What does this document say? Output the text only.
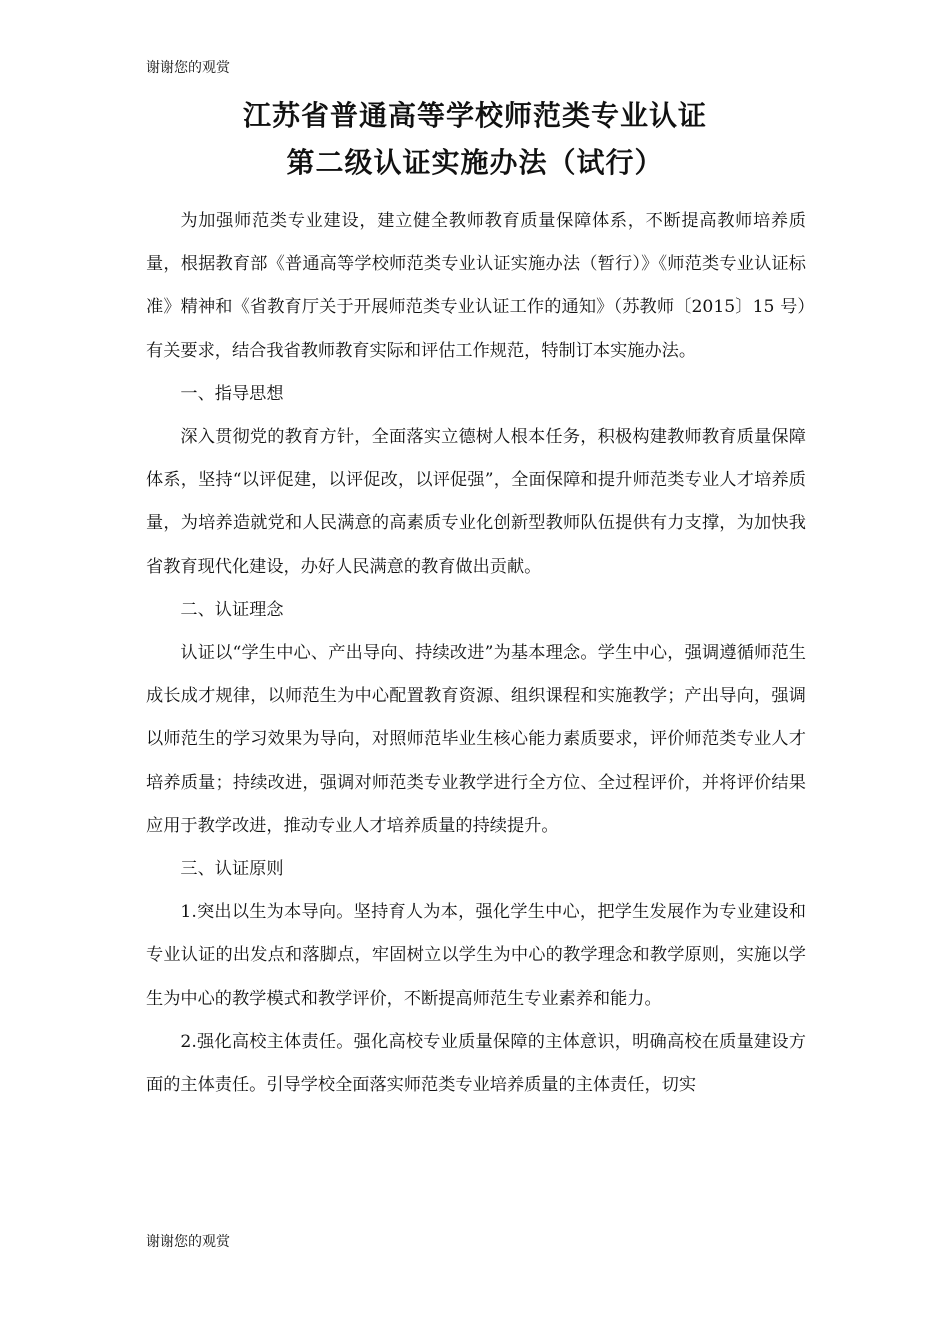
谢谢您的观赏
江苏省普通高等学校师范类专业认证
第二级认证实施办法（试行）

为加强师范类专业建设，建立健全教师教育质量保障体系，不断提高教师培养质量，根据教育部《普通高等学校师范类专业认证实施办法（暂行）》《师范类专业认证标准》精神和《省教育厅关于开展师范类专业认证工作的通知》（苏教师〔2015〕15 号）有关要求，结合我省教师教育实际和评估工作规范，特制订本实施办法。

一、指导思想

深入贯彻党的教育方针，全面落实立德树人根本任务，积极构建教师教育质量保障体系，坚持“以评促建，以评促改，以评促强”，全面保障和提升师范类专业人才培养质量，为培养造就党和人民满意的高素质专业化创新型教师队伍提供有力支撑，为加快我省教育现代化建设，办好人民满意的教育做出贡献。

二、认证理念

认证以“学生中心、产出导向、持续改进”为基本理念。学生中心，强调遵循师范生成长成才规律，以师范生为中心配置教育资源、组织课程和实施教学；产出导向，强调以师范生的学习效果为导向，对照师范毕业生核心能力素质要求，评价师范类专业人才培养质量；持续改进，强调对师范类专业教学进行全方位、全过程评价，并将评价结果应用于教学改进，推动专业人才培养质量的持续提升。

三、认证原则

1.突出以生为本导向。坚持育人为本，强化学生中心，把学生发展作为专业建设和专业认证的出发点和落脚点，牢固树立以学生为中心的教学理念和教学原则，实施以学生为中心的教学模式和教学评价，不断提高师范生专业素养和能力。

2.强化高校主体责任。强化高校专业质量保障的主体意识，明确高校在质量建设方面的主体责任。引导学校全面落实师范类专业培养质量的主体责任，切实

谢谢您的观赏
